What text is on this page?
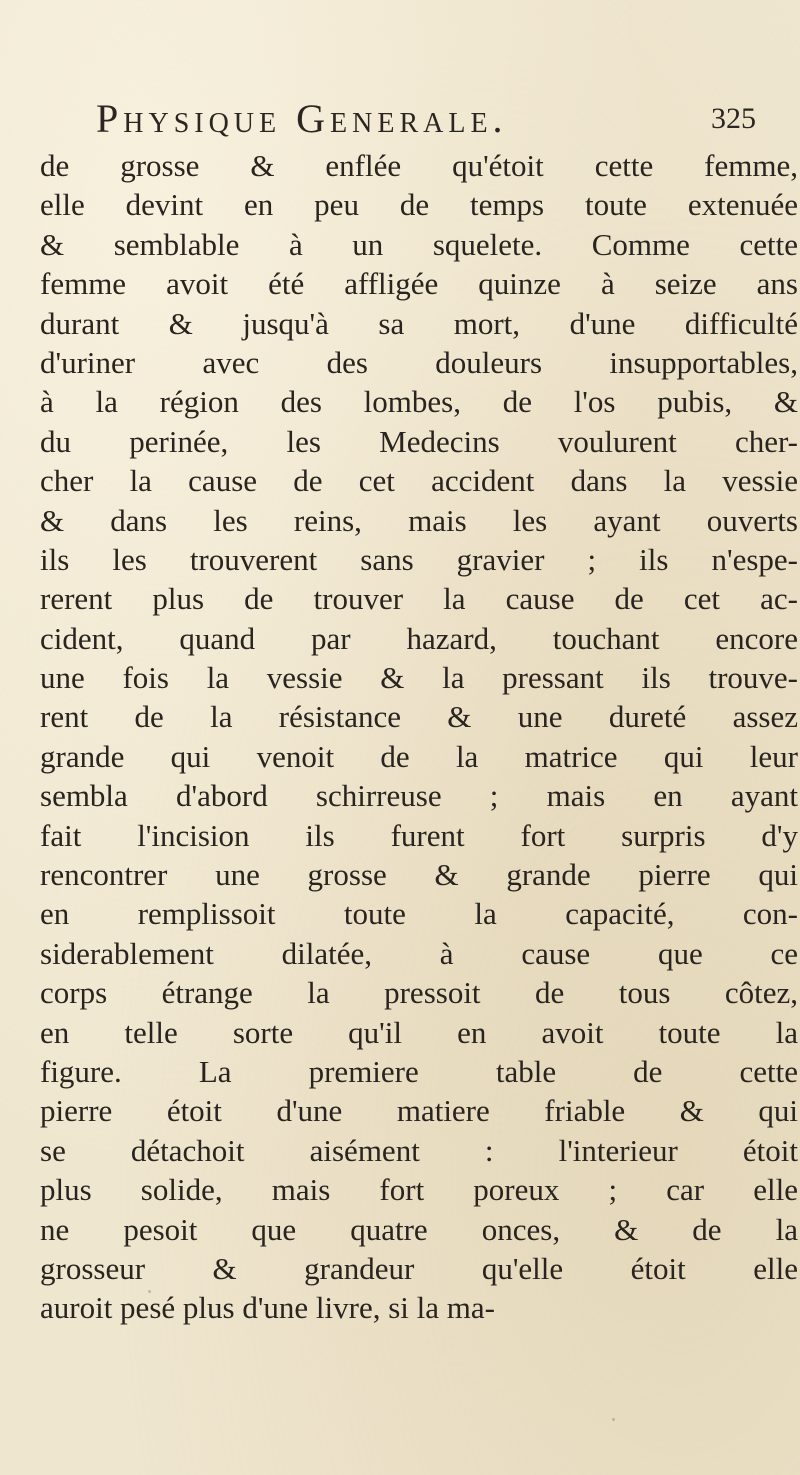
Physique Generale.	325
de grosse & enflée qu'étoit cette femme,
elle devint en peu de temps toute extenuée
& semblable à un squelete. Comme cette
femme avoit été affligée quinze à seize ans
durant & jusqu'à sa mort, d'une difficulté
d'uriner avec des douleurs insupportables,
à la région des lombes, de l'os pubis, &
du perinée, les Medecins voulurent cher-
cher la cause de cet accident dans la vessie
& dans les reins, mais les ayant ouverts
ils les trouverent sans gravier ; ils n'espe-
rerent plus de trouver la cause de cet ac-
cident, quand par hazard, touchant encore
une fois la vessie & la pressant ils trouve-
rent de la résistance & une dureté assez
grande qui venoit de la matrice qui leur
sembla d'abord schirreuse ; mais en ayant
fait l'incision ils furent fort surpris d'y
rencontrer une grosse & grande pierre qui
en remplissoit toute la capacité, con-
siderablement dilatée, à cause que ce
corps étrange la pressoit de tous côtez,
en telle sorte qu'il en avoit toute la
figure. La premiere table de cette
pierre étoit d'une matiere friable & qui
se détachoit aisément : l'interieur étoit
plus solide, mais fort poreux ; car elle
ne pesoit que quatre onces, & de la
grosseur & grandeur qu'elle étoit elle
auroit pesé plus d'une livre, si la ma-
